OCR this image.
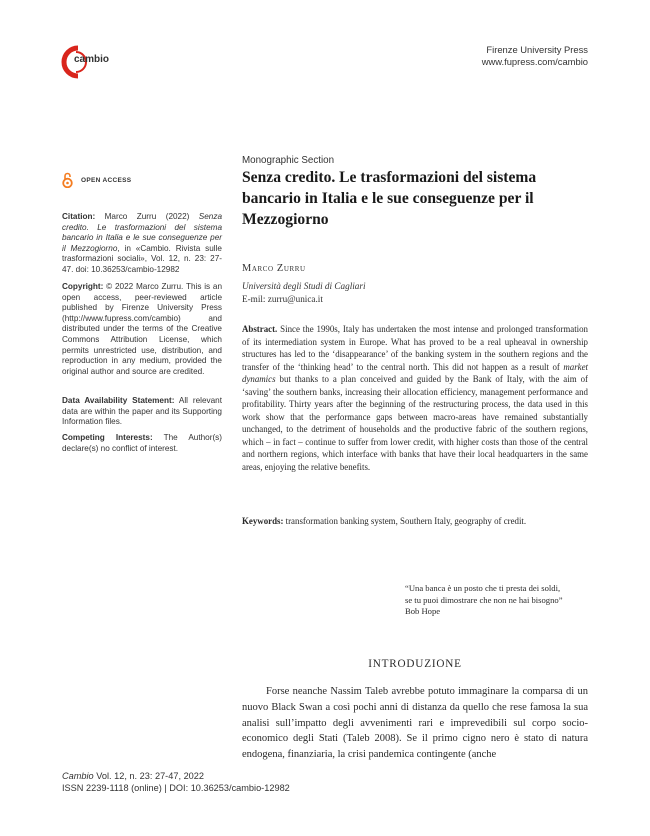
cambio
Firenze University Press
www.fupress.com/cambio
OPEN ACCESS
Citation: Marco Zurru (2022) Senza credito. Le trasformazioni del sistema bancario in Italia e le sue conseguenze per il Mezzogiorno, in «Cambio. Rivista sulle trasformazioni sociali», Vol. 12, n. 23: 27-47. doi: 10.36253/cambio-12982
Copyright: © 2022 Marco Zurru. This is an open access, peer-reviewed article published by Firenze University Press (http://www.fupress.com/cambio) and distributed under the terms of the Creative Commons Attribution License, which permits unrestricted use, distribution, and reproduction in any medium, provided the original author and source are credited.
Data Availability Statement: All relevant data are within the paper and its Supporting Information files.
Competing Interests: The Author(s) declare(s) no conflict of interest.
Monographic Section
Senza credito. Le trasformazioni del sistema bancario in Italia e le sue conseguenze per il Mezzogiorno
Marco Zurru
Università degli Studi di Cagliari
E-mil: zurru@unica.it

Abstract. Since the 1990s, Italy has undertaken the most intense and prolonged transformation of its intermediation system in Europe. What has proved to be a real upheaval in ownership structures has led to the ‘disappearance’ of the banking system in the southern regions and the transfer of the ‘thinking head’ to the central north. This did not happen as a result of market dynamics but thanks to a plan conceived and guided by the Bank of Italy, with the aim of ‘saving’ the southern banks, increasing their allocation efficiency, management performance and profitability. Thirty years after the beginning of the restructuring process, the data used in this work show that the performance gaps between macro-areas have remained substantially unchanged, to the detriment of households and the productive fabric of the southern regions, which – in fact – continue to suffer from lower credit, with higher costs than those of the central and northern regions, which interface with banks that have their local headquarters in the same areas, enjoying the relative benefits.

Keywords: transformation banking system, Southern Italy, geography of credit.

“Una banca è un posto che ti presta dei soldi,
se tu puoi dimostrare che non ne hai bisogno”
Bob Hope
INTRODUZIONE

Forse neanche Nassim Taleb avrebbe potuto immaginare la comparsa di un nuovo Black Swan a così pochi anni di distanza da quello che rese famosa la sua analisi sull’impatto degli avvenimenti rari e imprevedibili sul corpo socio-economico degli Stati (Taleb 2008). Se il primo cigno nero è stato di natura endogena, finanziaria, la crisi pandemica contingente (anche

Cambio Vol. 12, n. 23: 27-47, 2022
ISSN 2239-1118 (online) | DOI: 10.36253/cambio-12982
